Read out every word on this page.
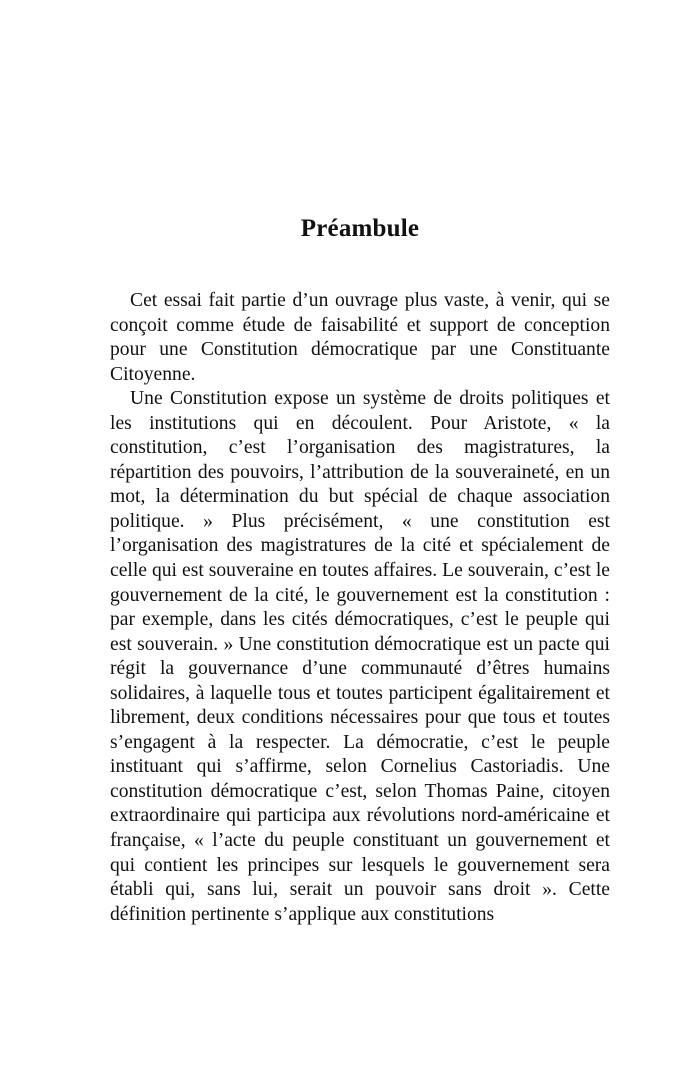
Préambule

Cet essai fait partie d’un ouvrage plus vaste, à venir, qui se conçoit comme étude de faisabilité et support de conception pour une Constitution démocratique par une Constituante Citoyenne.

Une Constitution expose un système de droits politiques et les institutions qui en découlent. Pour Aristote, « la constitution, c’est l’organisation des magistratures, la répartition des pouvoirs, l’attribution de la souveraineté, en un mot, la détermination du but spécial de chaque association politique. » Plus précisément, « une constitution est l’organisation des magistratures de la cité et spécialement de celle qui est souveraine en toutes affaires. Le souverain, c’est le gouvernement de la cité, le gouvernement est la constitution : par exemple, dans les cités démocratiques, c’est le peuple qui est souverain. » Une constitution démocratique est un pacte qui régit la gouvernance d’une communauté d’êtres humains solidaires, à laquelle tous et toutes participent égalitairement et librement, deux conditions nécessaires pour que tous et toutes s’engagent à la respecter. La démocratie, c’est le peuple instituant qui s’affirme, selon Cornelius Castoriadis. Une constitution démocratique c’est, selon Thomas Paine, citoyen extraordinaire qui participa aux révolutions nord-américaine et française, « l’acte du peuple constituant un gouvernement et qui contient les principes sur lesquels le gouvernement sera établi qui, sans lui, serait un pouvoir sans droit ». Cette définition pertinente s’applique aux constitutions
